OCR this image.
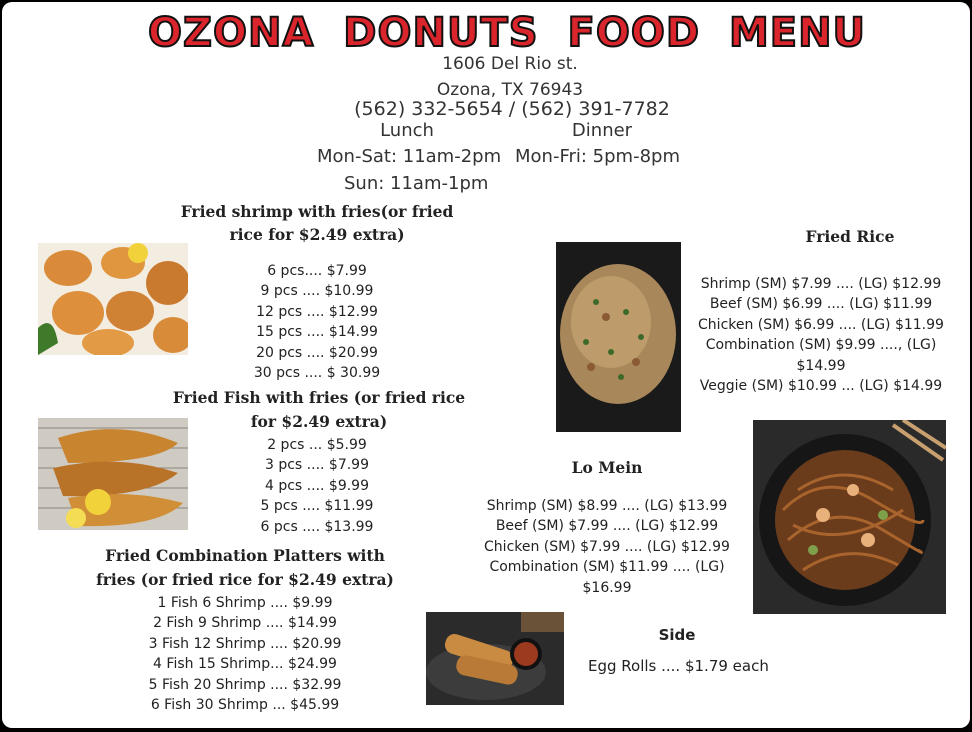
OZONA DONUTS FOOD MENU
1606 Del Rio st.
Ozona, TX 76943
(562) 332-5654 / (562) 391-7782
Lunch	Dinner
Mon-Sat: 11am-2pm Mon-Fri: 5pm-8pm
Sun: 11am-1pm
Fried shrimp with fries(or fried
rice for $2.49 extra)
6 pcs.... $7.99
9 pcs .... $10.99
12 pcs .... $12.99
15 pcs .... $14.99
20 pcs .... $20.99
30 pcs .... $ 30.99
Fried Fish with fries (or fried rice
for $2.49 extra)
2 pcs ... $5.99
3 pcs .... $7.99
4 pcs .... $9.99
5 pcs .... $11.99
6 pcs .... $13.99
Fried Combination Platters with
fries (or fried rice for $2.49 extra)
1 Fish 6 Shrimp .... $9.99
2 Fish 9 Shrimp .... $14.99
3 Fish 12 Shrimp .... $20.99
4 Fish 15 Shrimp... $24.99
5 Fish 20 Shrimp .... $32.99
6 Fish 30 Shrimp ... $45.99
Fried Rice
Shrimp (SM) $7.99 .... (LG) $12.99
Beef (SM) $6.99 .... (LG) $11.99
Chicken (SM) $6.99 .... (LG) $11.99
Combination (SM) $9.99 ...., (LG)
$14.99
Veggie (SM) $10.99 ... (LG) $14.99
Lo Mein
Shrimp (SM) $8.99 .... (LG) $13.99
Beef (SM) $7.99 .... (LG) $12.99
Chicken (SM) $7.99 .... (LG) $12.99
Combination (SM) $11.99 .... (LG)
$16.99
Side
Egg Rolls .... $1.79 each
